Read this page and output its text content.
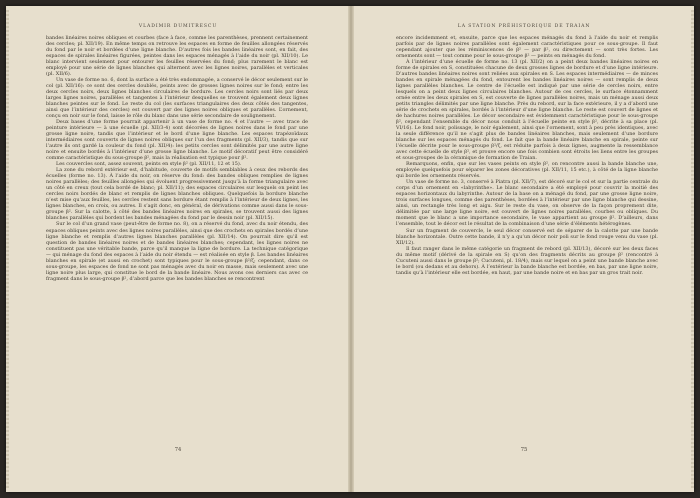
VLADIMIR DUMITRESCU

bandes linéaires noires obliques et courbes (face à face, comme les parenthèses, prennent certainement des cercles; pl. XII/19). En même temps on retrouve les espaces en forme de feuilles allongées réservés du fond par le noir et bordées d’une ligne blanche. D’autres fois les bandes linéaires sont, en fait, des espaces de spirales linéaires figurées, peintes dans les espaces ménagés à l’aide du noir (pl. XII/10). Le blanc intervient seulement pour entourer les feuilles réservées du fond; plus rarement le blanc est employé pour une série de lignes blanches qui alternent avec les lignes noires, parallèles et verticales (pl. XII/6).

Un vase de forme no. 6, dont la surface a été très endommagée, a conservé le décor seulement sur le col (pl. XII/16): ce sont des cercles doublés, peints avec de grosses lignes noires sur le fond; entre les deux cercles noirs, deux lignes blanches circulaires de bordure. Les cercles noirs sont liés par deux larges lignes noires, parallèles et tangentes à l’intérieur desquelles se trouvent également deux lignes blanches peintes sur le fond. Le reste du col (les surfaces triangulaires des deux côtés des tangentes, ainsi que l’intérieur des cercles) est couvert par des lignes noires obliques et parallèles. L’ornement, conçu en noir sur le fond, laisse le rôle du blanc dans une série secondaire de soulignement.

Deux bases d’une forme pourrait appartenir à un vase de forme no. 4 et l’autre — avec trace de peinture intérieure — à une écuelle (pl. XII/3-4) sont décorées de lignes noires dans le fond par une grosse ligne noire, tandis que l’intérieur et le bord d’une ligne blanche. Les espaces trapézoïdaux intermédiaires sont couverts de lignes noires obliques sur l’un des fragments (pl. XII/3), tandis que sur l’autre ils ont gardé la couleur du fond (pl. XII/4): les petits cercles sont délimités par une autre ligne noire et ensuite bordés à l’intérieur d’une grosse ligne blanche. Le motif décoratif peut être considéré comme caractéristique du sous-groupe β², mais la réalisation est typique pour β².

Les couvercles sont, assez souvent, peints en style β² (pl. XII/11, 12 et 15).

La zone du rebord extérieur est, d’habitude, couverte de motifs semblables à ceux des rebords des écuelles (forme no. 13). À l’aide du noir, on réserve du fond: des bandes obliques remplies de lignes noires parallèles; des feuilles allongées qui évoluent progressivement jusqu’à la forme triangulaire avec un côté en creux (tout cela bordé de blanc; pl. XII/11); des espaces circulaires sur lesquels on peint les cercles noirs bordés de blanc et remplis de lignes blanches obliques. Quelquefois la bordure blanche n’est mise qu’aux feuilles, les cercles restent sans bordure étant remplis à l’intérieur de deux lignes, les lignes blanches, en croix, ou autres. Il s’agit donc, en général, de dérivations comme aussi dans le sous-groupe β². Sur la calotte, à côté des bandes linéaires noires en spirales, se trouvent aussi des lignes blanches parallèles qui bordent les bandes ménagées du fond par le dessin noir (pl. XII/15).

Sur le col d’un grand vase (peut-être de forme no. 8), on a réservé du fond, avec du noir étendu, des espaces obliques peints avec des lignes noires parallèles, ainsi que des crochets en spirales bordés d’une ligne blanche et remplis d’autres lignes blanches parallèles (pl. XII/14). On pourrait dire qu’il est question de bandes linéaires noires et de bandes linéaires blanches; cependant, les lignes noires ne constituent pas une véritable bande, parce qu’il manque la ligne de bordure. La technique catégorique — qui ménage du fond des espaces à l’aide du noir étendu — est réalisée en style β. Les bandes linéaires blanches en spirale (et aussi en crochet) sont typiques pour le sous-groupe β²/ζ; cependant, dans ce sous-groupe, les espaces de fond ne sont pas ménagés avec du noir en masse, mais seulement avec une ligne noire plus large, qui constitue le bord de la bande linéaire. Nous avons ces derniers cas avec ce fragment dans le sous-groupe β², d’abord parce que les bandes blanches se rencontrent

74
LA STATION PRÉHISTORIQUE DE TRAIAN

encore incidemment et, ensuite, parce que les espaces ménagés du fond à l’aide du noir et remplis parfois par de lignes noires parallèles sont également caractéristiques pour ce sous-groupe. Il faut cependant ajouter que les réminiscences de β² — par β², ou directement — sont très fortes. Les ornements sont — tout comme pour le sous-groupe β² — peints en ménagés du fond.

À l’intérieur d’une écuelle de forme no. 13 (pl. XII/2) on a peint deux bandes linéaires noires en forme de spirales en S, constituées chacune de deux grosses lignes de bordure et d’une ligne intérieure. D’autres bandes linéaires noires sont reliées aux spirales en S. Les espaces intermédiaires — de minces bandes en spirale ménagées du fond, entourent les bandes linéaires noires — sont remplis de deux lignes parallèles blanches. Le centre de l’écuelle est indiqué par une série de cercles noirs, entre lesquels on a peint deux lignes circulaires blanches. Autour de ces cercles, le surface étonnamment ornée entre les deux spirales en S, est couverte de lignes parallèles noires, mais un ménage aussi deux petits triangles délimités par une ligne blanche. Près du rebord, sur la face extérieure, il y a d’abord une série de crochets en spirales, bordés à l’intérieur d’une ligne blanche. Le reste est couvert de lignes et de hachures noires parallèles. Le décor secondaire est évidemment caractéristique pour le sous-groupe β², cependant l’ensemble du décor nous conduit à l’écuelle peinte en style β², décrite à sa place (pl. VI/16). Le fond noir, polissage, le noir également, ainsi que l’ornement, sont à peu près identiques, avec la seule différence qu’il ne s’agit plus de bandes linéaires blanches, mais seulement d’une bordure blanche sur les espaces ménagés du fond. Le fait que la bande linéaire blanche en spirale, peinte sur l’écuelle décrite pour le sous-groupe β²/ζ, est réduite parfois à deux lignes, augmente la ressemblance avec cette écuelle de style β², et prouve encore une fois combien sont étroits les liens entre les groupes et sous-groupes de la céramique de formation de Traian.

Remarquons, enfin, que sur les vases peints en style β², on rencontre aussi la bande blanche une, employée quelquefois pour séparer les zones décoratives (pl. XII/11, 15 etc.), à côté de la ligne blanche qui borde les ornements réservés.

Un vase de forme no. 3, conservé à Piatra (pl. XII/7), est décoré sur le col et sur la partie centrale du corps d’un ornement en «labyrinthe». Le blanc secondaire a été employé pour couvrir la moitié des espaces horizontaux du labyrinthe. Autour de la base on a ménagé du fond, par une grosse ligne noire, trois surfaces longues, comme des parenthèses, bordées à l’intérieur par une ligne blanche qui dessine, ainsi, un rectangle très long et aigu. Sur le reste du vase, on observe de la façon proprement dite, délimitée par une large ligne noire, est couvert de lignes noires parallèles, courbes ou obliques. Du moment que le blanc a une importance secondaire, le vase appartient au groupe β². D’ailleurs, dans l’ensemble, tout le décor est le résultat de la combinaison d’une série d’éléments hétérogènes.

Sur un fragment de couvercle, le seul décor conservé est de séparer de la calotte par une bande blanche horizontale. Outre cette bande, il n’y a qu’un décor noir poli sur le fond rouge venu du vase (pl. XII/12).

Il faut ranger dans le même catégorie un fragment de rebord (pl. XII/13), décoré sur les deux faces du même motif (dérivé de la spirale en S) qu’on des fragments décrits au groupe β² (rencontré à Cucuteni aussi dans le groupe β²; Cucuteni, pl. 18/4), mais sur lequel on a peint une bande blanche avec le bord (ou dedans et au dehors). À l’extérieur la bande blanche est bordée, en bas, par une ligne noire, tandis qu’à l’intérieur elle est bordée, en haut, par une bande noire et en bas par un gros trait noir.

75
